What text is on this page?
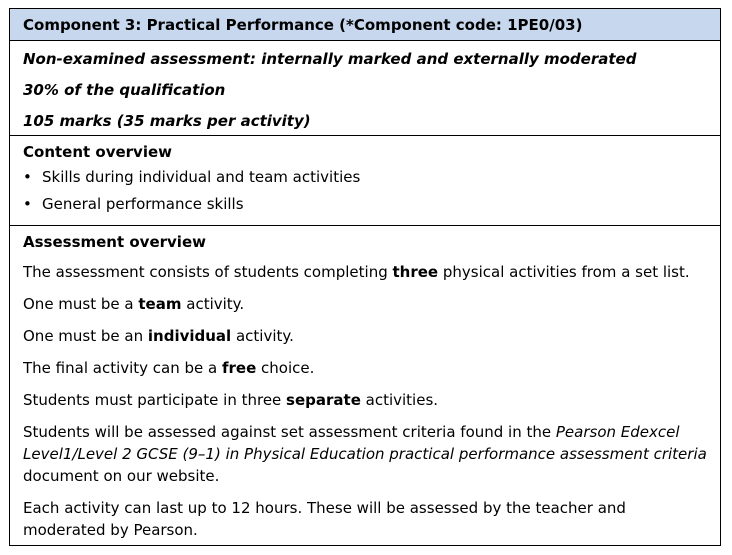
Component 3: Practical Performance (*Component code: 1PE0/03)
Non-examined assessment: internally marked and externally moderated
30% of the qualification
105 marks (35 marks per activity)
Content overview
• Skills during individual and team activities
• General performance skills
Assessment overview
The assessment consists of students completing three physical activities from a set list.
One must be a team activity.
One must be an individual activity.
The final activity can be a free choice.
Students must participate in three separate activities.
Students will be assessed against set assessment criteria found in the Pearson Edexcel Level1/Level 2 GCSE (9–1) in Physical Education practical performance assessment criteria document on our website.
Each activity can last up to 12 hours. These will be assessed by the teacher and moderated by Pearson.
